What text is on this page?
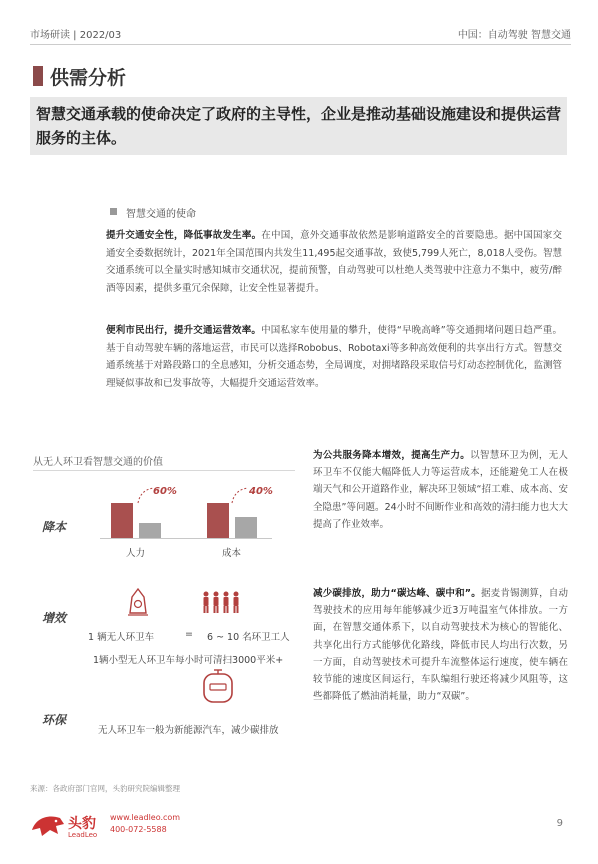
市场研读 | 2022/03	中国：自动驾驶 智慧交通
供需分析
智慧交通承载的使命决定了政府的主导性，企业是推动基础设施建设和提供运营服务的主体。
智慧交通的使命
提升交通安全性，降低事故发生率。在中国，意外交通事故依然是影响道路安全的首要隐患。据中国国家交通安全委数据统计，2021年全国范围内共发生11,495起交通事故，致使5,799人死亡，8,018人受伤。智慧交通系统可以全量实时感知城市交通状况，提前预警，自动驾驶可以杜绝人类驾驶中注意力不集中，疲劳/醉酒等因素，提供多重冗余保障，让安全性显著提升。
便利市民出行，提升交通运营效率。中国私家车使用量的攀升，使得“早晚高峰”等交通拥堵问题日趋严重。基于自动驾驶车辆的落地运营，市民可以选择Robobus、Robotaxi等多种高效便利的共享出行方式。智慧交通系统基于对路段路口的全息感知，分析交通态势，全局调度，对拥堵路段采取信号灯动态控制优化，监测管理疑似事故和已发事故等，大幅提升交通运营效率。
从无人环卫看智慧交通的价值
降本
增效
环保
60%
人力
40%
成本
1 辆无人环卫车	= 6 ~ 10 名环卫工人
1辆小型无人环卫车每小时可清扫3000平米+
无人环卫车一般为新能源汽车，减少碳排放
为公共服务降本增效，提高生产力。以智慧环卫为例，无人环卫车不仅能大幅降低人力等运营成本，还能避免工人在极端天气和公开道路作业，解决环卫领域“招工难、成本高、安全隐患”等问题。24小时不间断作业和高效的清扫能力也大大提高了作业效率。
减少碳排放，助力“碳达峰、碳中和”。据麦肯锡测算，自动驾驶技术的应用每年能够减少近3万吨温室气体排放。一方面，在智慧交通体系下，以自动驾驶技术为核心的智能化、共享化出行方式能够优化路线，降低市民人均出行次数，另一方面，自动驾驶技术可提升车流整体运行速度，使车辆在较节能的速度区间运行，车队编组行驶还将减少风阻等，这些都降低了燃油消耗量，助力“双碳”。
来源：各政府部门官网，头豹研究院编辑整理
头豹
LeadLeo
www.leadleo.com
400-072-5588
9
